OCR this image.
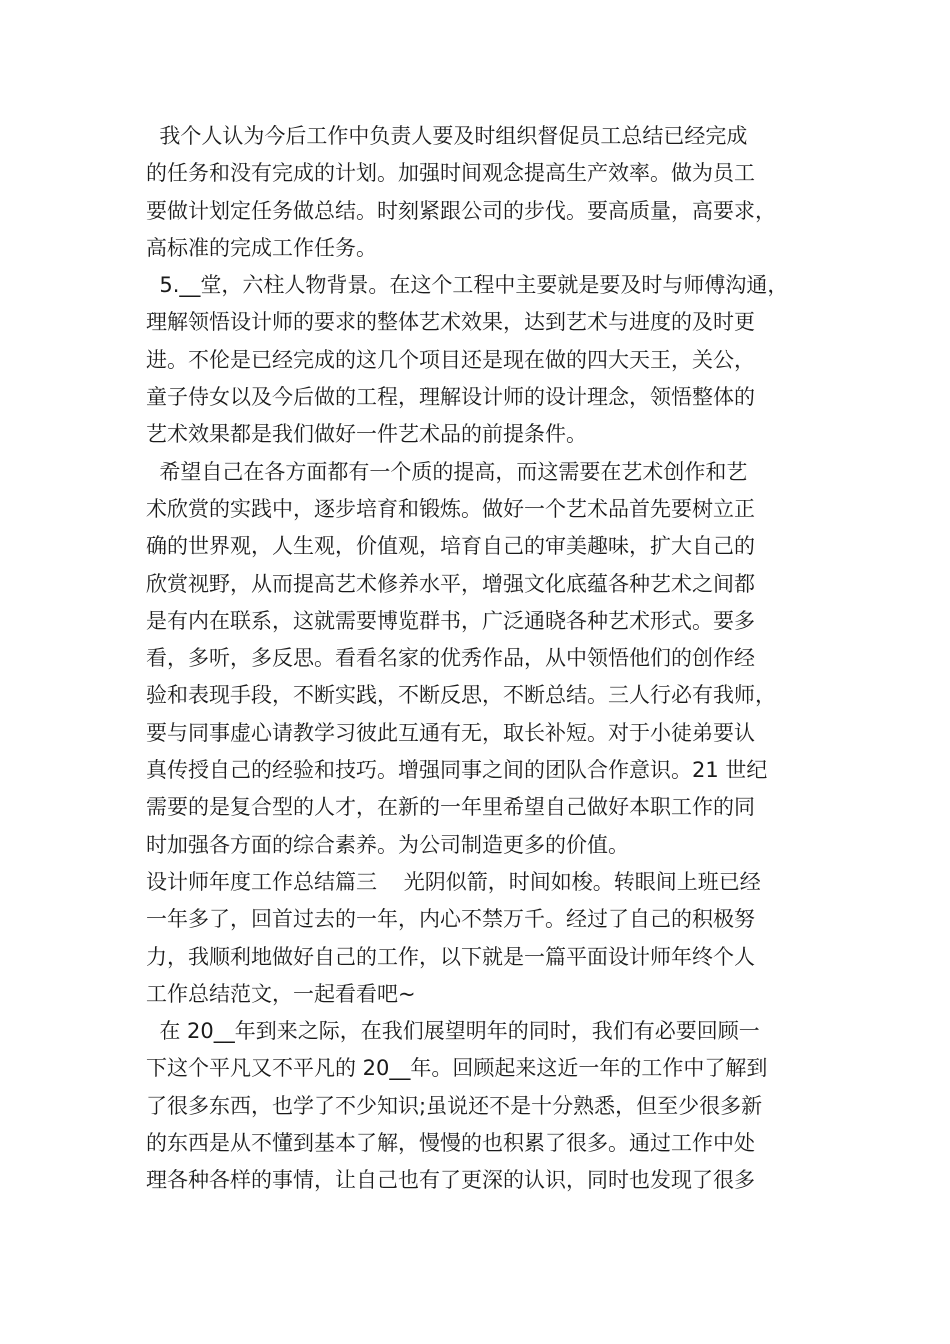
我个人认为今后工作中负责人要及时组织督促员工总结已经完成
的任务和没有完成的计划。加强时间观念提高生产效率。做为员工
要做计划定任务做总结。时刻紧跟公司的步伐。要高质量，高要求，
高标准的完成工作任务。
5.__堂，六柱人物背景。在这个工程中主要就是要及时与师傅沟通，
理解领悟设计师的要求的整体艺术效果，达到艺术与进度的及时更
进。不伦是已经完成的这几个项目还是现在做的四大天王，关公，
童子侍女以及今后做的工程，理解设计师的设计理念，领悟整体的
艺术效果都是我们做好一件艺术品的前提条件。
希望自己在各方面都有一个质的提高，而这需要在艺术创作和艺
术欣赏的实践中，逐步培育和锻炼。做好一个艺术品首先要树立正
确的世界观，人生观，价值观，培育自己的审美趣味，扩大自己的
欣赏视野，从而提高艺术修养水平，增强文化底蕴各种艺术之间都
是有内在联系，这就需要博览群书，广泛通晓各种艺术形式。要多
看，多听，多反思。看看名家的优秀作品，从中领悟他们的创作经
验和表现手段，不断实践，不断反思，不断总结。三人行必有我师，
要与同事虚心请教学习彼此互通有无，取长补短。对于小徒弟要认
真传授自己的经验和技巧。增强同事之间的团队合作意识。21 世纪
需要的是复合型的人才，在新的一年里希望自己做好本职工作的同
时加强各方面的综合素养。为公司制造更多的价值。
设计师年度工作总结篇三    光阴似箭，时间如梭。转眼间上班已经
一年多了，回首过去的一年，内心不禁万千。经过了自己的积极努
力，我顺利地做好自己的工作，以下就是一篇平面设计师年终个人
工作总结范文，一起看看吧~
在 20__年到来之际，在我们展望明年的同时，我们有必要回顾一
下这个平凡又不平凡的 20__年。回顾起来这近一年的工作中了解到
了很多东西，也学了不少知识;虽说还不是十分熟悉，但至少很多新
的东西是从不懂到基本了解，慢慢的也积累了很多。通过工作中处
理各种各样的事情，让自己也有了更深的认识，同时也发现了很多
